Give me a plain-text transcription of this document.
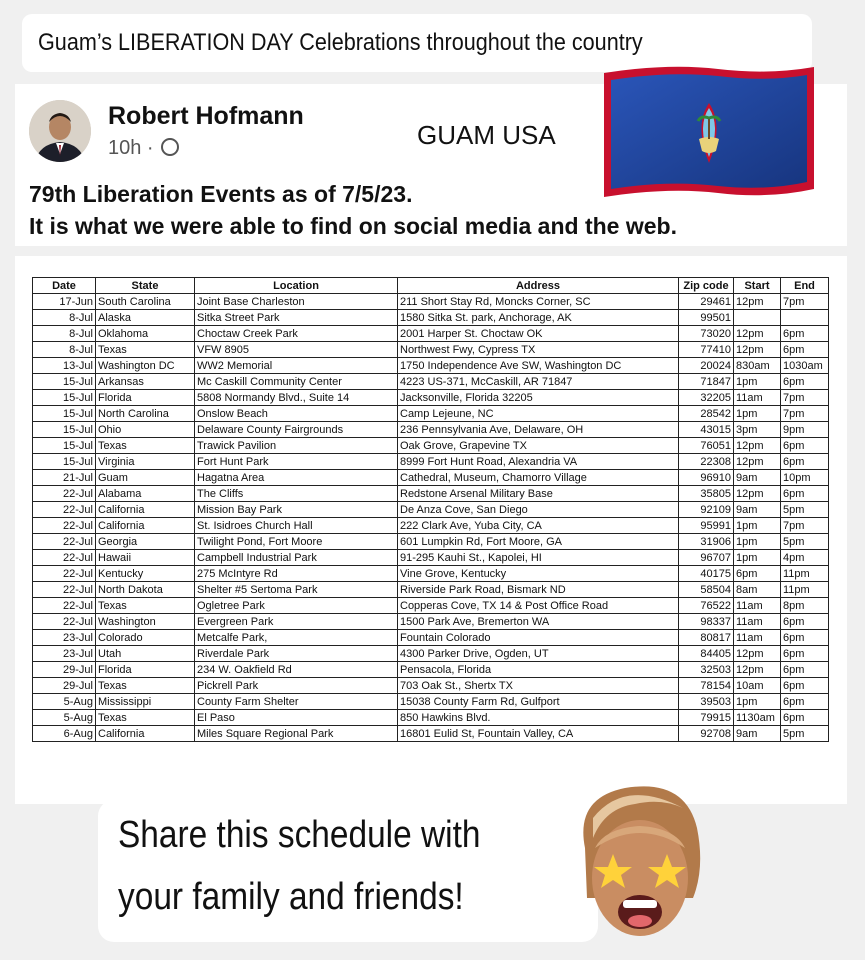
Guam’s LIBERATION DAY Celebrations throughout the country
Robert Hofmann
10h ·	GUAM USA
79th Liberation Events as of 7/5/23.
It is what we were able to find on social media and the web.
Date	State	Location	Address	Zip code	Start	End
17-Jun	South Carolina	Joint Base Charleston	211 Short Stay Rd, Moncks Corner, SC	29461	12pm	7pm
8-Jul	Alaska	Sitka Street Park	1580 Sitka St. park, Anchorage, AK	99501		
8-Jul	Oklahoma	Choctaw Creek Park	2001 Harper St. Choctaw OK	73020	12pm	6pm
8-Jul	Texas	VFW 8905	Northwest Fwy, Cypress TX	77410	12pm	6pm
13-Jul	Washington DC	WW2 Memorial	1750 Independence Ave SW, Washington DC	20024	830am	1030am
15-Jul	Arkansas	Mc Caskill Community Center	4223 US-371, McCaskill, AR 71847	71847	1pm	6pm
15-Jul	Florida	5808 Normandy Blvd., Suite 14	Jacksonville, Florida 32205	32205	11am	7pm
15-Jul	North Carolina	Onslow Beach	Camp Lejeune, NC	28542	1pm	7pm
15-Jul	Ohio	Delaware County Fairgrounds	236 Pennsylvania Ave, Delaware, OH	43015	3pm	9pm
15-Jul	Texas	Trawick Pavilion	Oak Grove, Grapevine TX	76051	12pm	6pm
15-Jul	Virginia	Fort Hunt Park	8999 Fort Hunt Road, Alexandria VA	22308	12pm	6pm
21-Jul	Guam	Hagatna Area	Cathedral, Museum, Chamorro Village	96910	9am	10pm
22-Jul	Alabama	The Cliffs	Redstone Arsenal Military Base	35805	12pm	6pm
22-Jul	California	Mission Bay Park	De Anza Cove, San Diego	92109	9am	5pm
22-Jul	California	St. Isidroes Church Hall	222 Clark Ave, Yuba City, CA	95991	1pm	7pm
22-Jul	Georgia	Twilight Pond, Fort Moore	601 Lumpkin Rd, Fort Moore, GA	31906	1pm	5pm
22-Jul	Hawaii	Campbell Industrial Park	91-295 Kauhi St., Kapolei, HI	96707	1pm	4pm
22-Jul	Kentucky	275 McIntyre Rd	Vine Grove, Kentucky	40175	6pm	11pm
22-Jul	North Dakota	Shelter #5 Sertoma Park	Riverside Park Road, Bismark ND	58504	8am	11pm
22-Jul	Texas	Ogletree Park	Copperas Cove, TX 14 & Post Office Road	76522	11am	8pm
22-Jul	Washington	Evergreen Park	1500 Park Ave, Bremerton WA	98337	11am	6pm
23-Jul	Colorado	Metcalfe Park,	Fountain Colorado	80817	11am	6pm
23-Jul	Utah	Riverdale Park	4300 Parker Drive, Ogden, UT	84405	12pm	6pm
29-Jul	Florida	234 W. Oakfield Rd	Pensacola, Florida	32503	12pm	6pm
29-Jul	Texas	Pickrell Park	703 Oak St., Shertx TX	78154	10am	6pm
5-Aug	Mississippi	County Farm Shelter	15038 County Farm Rd, Gulfport	39503	1pm	6pm
5-Aug	Texas	El Paso	850 Hawkins Blvd.	79915	1130am	6pm
6-Aug	California	Miles Square Regional Park	16801 Eulid St, Fountain Valley, CA	92708	9am	5pm
Share this schedule with
your family and friends!
